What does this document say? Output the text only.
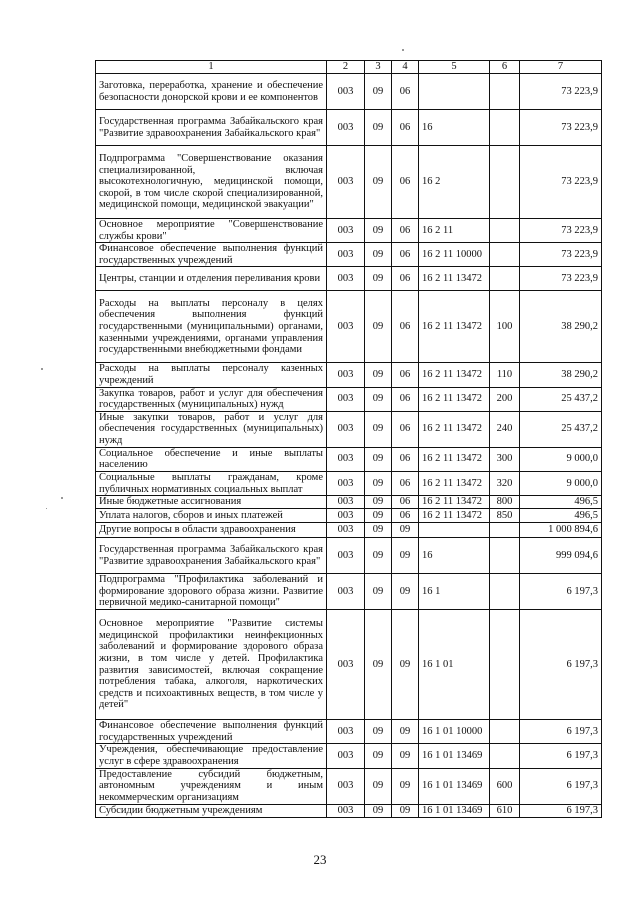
1	2	3	4	5	6	7
Заготовка, переработка, хранение и обеспечение безопасности донорской крови и ее компонентов	003	09	06			73 223,9
Государственная программа Забайкальского края "Развитие здравоохранения Забайкальского края"	003	09	06	16		73 223,9
Подпрограмма "Совершенствование оказания специализированной, включая высокотехнологичную, медицинской помощи, скорой, в том числе скорой специализированной, медицинской помощи, медицинской эвакуации"	003	09	06	16 2		73 223,9
Основное мероприятие "Совершенствование службы крови"	003	09	06	16 2 11		73 223,9
Финансовое обеспечение выполнения функций государственных учреждений	003	09	06	16 2 11 10000		73 223,9
Центры, станции и отделения переливания крови	003	09	06	16 2 11 13472		73 223,9
Расходы на выплаты персоналу в целях обеспечения выполнения функций государственными (муниципальными) органами, казенными учреждениями, органами управления государственными внебюджетными фондами	003	09	06	16 2 11 13472	100	38 290,2
Расходы на выплаты персоналу казенных учреждений	003	09	06	16 2 11 13472	110	38 290,2
Закупка товаров, работ и услуг для обеспечения государственных (муниципальных) нужд	003	09	06	16 2 11 13472	200	25 437,2
Иные закупки товаров, работ и услуг для обеспечения государственных (муниципальных) нужд	003	09	06	16 2 11 13472	240	25 437,2
Социальное обеспечение и иные выплаты населению	003	09	06	16 2 11 13472	300	9 000,0
Социальные выплаты гражданам, кроме публичных нормативных социальных выплат	003	09	06	16 2 11 13472	320	9 000,0
Иные бюджетные ассигнования	003	09	06	16 2 11 13472	800	496,5
Уплата налогов, сборов и иных платежей	003	09	06	16 2 11 13472	850	496,5
Другие вопросы в области здравоохранения	003	09	09			1 000 894,6
Государственная программа Забайкальского края "Развитие здравоохранения Забайкальского края"	003	09	09	16		999 094,6
Подпрограмма "Профилактика заболеваний и формирование здорового образа жизни. Развитие первичной медико-санитарной помощи"	003	09	09	16 1		6 197,3
Основное мероприятие "Развитие системы медицинской профилактики неинфекционных заболеваний и формирование здорового образа жизни, в том числе у детей. Профилактика развития зависимостей, включая сокращение потребления табака, алкоголя, наркотических средств и психоактивных веществ, в том числе у детей"	003	09	09	16 1 01		6 197,3
Финансовое обеспечение выполнения функций государственных учреждений	003	09	09	16 1 01 10000		6 197,3
Учреждения, обеспечивающие предоставление услуг в сфере здравоохранения	003	09	09	16 1 01 13469		6 197,3
Предоставление субсидий бюджетным, автономным учреждениям и иным некоммерческим организациям	003	09	09	16 1 01 13469	600	6 197,3
Субсидии бюджетным учреждениям	003	09	09	16 1 01 13469	610	6 197,3
23
